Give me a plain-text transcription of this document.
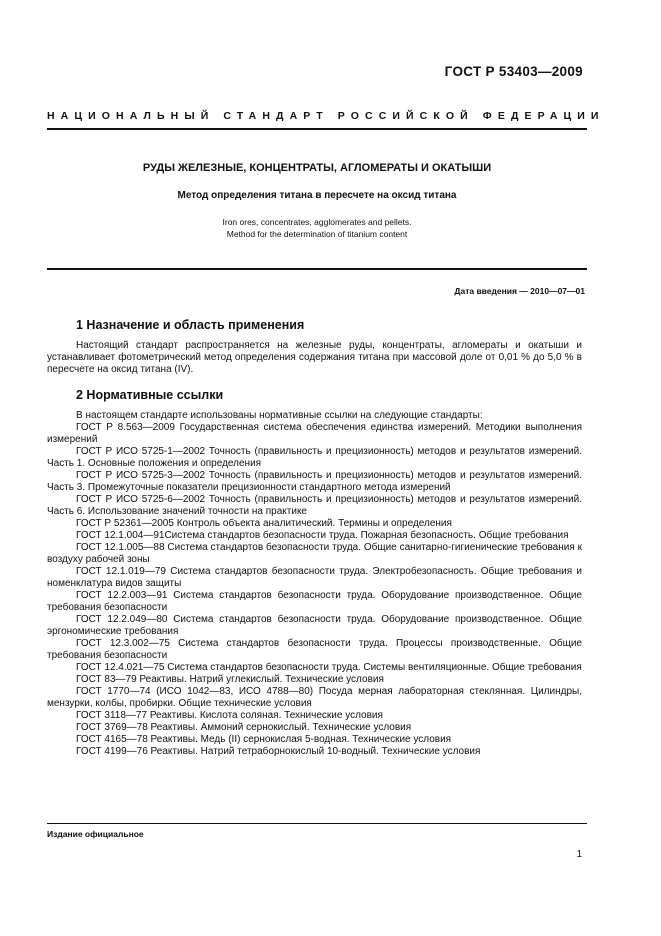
ГОСТ Р 53403—2009
НАЦИОНАЛЬНЫЙ СТАНДАРТ РОССИЙСКОЙ ФЕДЕРАЦИИ
РУДЫ ЖЕЛЕЗНЫЕ, КОНЦЕНТРАТЫ, АГЛОМЕРАТЫ И ОКАТЫШИ
Метод определения титана в пересчете на оксид титана
Iron ores, concentrates, agglomerates and pellets.
Method for the determination of titanium content
Дата введения — 2010—07—01
1 Назначение и область применения
Настоящий стандарт распространяется на железные руды, концентраты, агломераты и окатыши и устанавливает фотометрический метод определения содержания титана при массовой доле от 0,01 % до 5,0 % в пересчете на оксид титана (IV).
2 Нормативные ссылки

В настоящем стандарте использованы нормативные ссылки на следующие стандарты:

ГОСТ Р 8.563—2009 Государственная система обеспечения единства измерений. Методики выполнения измерений

ГОСТ Р ИСО 5725-1—2002 Точность (правильность и прецизионность) методов и результатов измерений. Часть 1. Основные положения и определения

ГОСТ Р ИСО 5725-3—2002 Точность (правильность и прецизионность) методов и результатов измерений. Часть 3. Промежуточные показатели прецизионности стандартного метода измерений

ГОСТ Р ИСО 5725-6—2002 Точность (правильность и прецизионность) методов и результатов измерений. Часть 6. Использование значений точности на практике

ГОСТ Р 52361—2005 Контроль объекта аналитический. Термины и определения

ГОСТ 12.1.004—91Система стандартов безопасности труда. Пожарная безопасность. Общие требования

ГОСТ 12.1.005—88 Система стандартов безопасности труда. Общие санитарно-гигиенические требования к воздуху рабочей зоны

ГОСТ 12.1.019—79 Система стандартов безопасности труда. Электробезопасность. Общие требования и номенклатура видов защиты

ГОСТ 12.2.003—91 Система стандартов безопасности труда. Оборудование производственное. Общие требования безопасности

ГОСТ 12.2.049—80 Система стандартов безопасности труда. Оборудование производственное. Общие эргономические требования

ГОСТ 12.3.002—75 Система стандартов безопасности труда. Процессы производственные. Общие требования безопасности

ГОСТ 12.4.021—75 Система стандартов безопасности труда. Системы вентиляционные. Общие требования

ГОСТ 83—79 Реактивы. Натрий углекислый. Технические условия

ГОСТ 1770—74 (ИСО 1042—83, ИСО 4788—80) Посуда мерная лабораторная стеклянная. Цилиндры, мензурки, колбы, пробирки. Общие технические условия

ГОСТ 3118—77 Реактивы. Кислота соляная. Технические условия

ГОСТ 3769—78 Реактивы. Аммоний сернокислый. Технические условия

ГОСТ 4165—78 Реактивы. Медь (II) сернокислая 5-водная. Технические условия

ГОСТ 4199—76 Реактивы. Натрий тетраборнокислый 10-водный. Технические условия

Издание официальное
1
